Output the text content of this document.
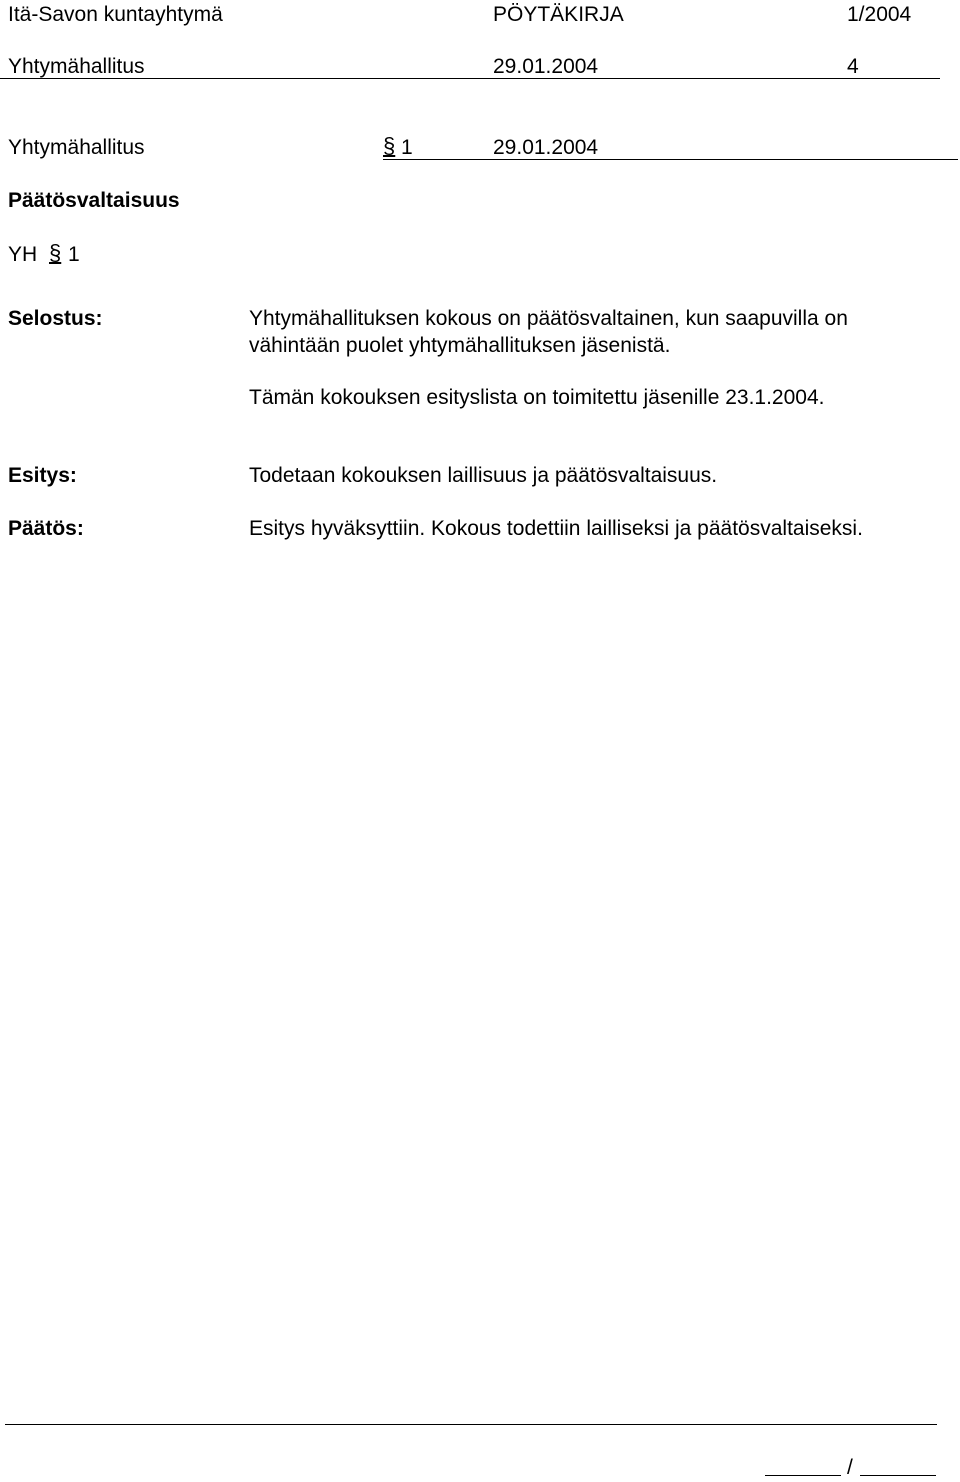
Itä-Savon kuntayhtymä	PÖYTÄKIRJA	1/2004
Yhtymähallitus	29.01.2004	4
Yhtymähallitus	§ 1	29.01.2004
Päätösvaltaisuus
YH § 1
Selostus:	Yhtymähallituksen kokous on päätösvaltainen, kun saapuvilla on
vähintään puolet yhtymähallituksen jäsenistä.
Tämän kokouksen esityslista on toimitettu jäsenille 23.1.2004.
Esitys:	Todetaan kokouksen laillisuus ja päätösvaltaisuus.
Päätös:	Esitys hyväksyttiin. Kokous todettiin lailliseksi ja päätösvaltaiseksi.
/
